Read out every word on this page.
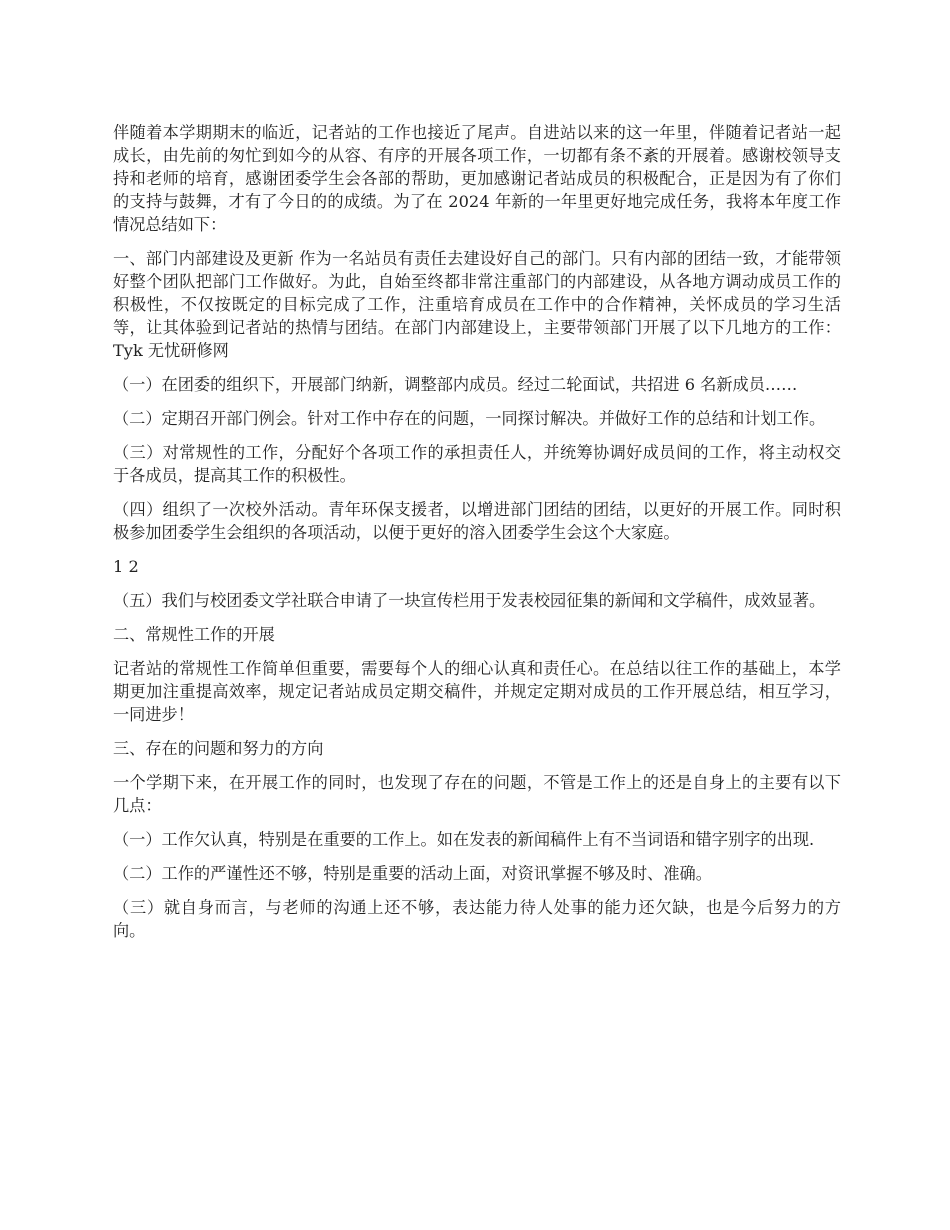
伴随着本学期期末的临近，记者站的工作也接近了尾声。自进站以来的这一年里，伴随着记者站一起成长，由先前的匆忙到如今的从容、有序的开展各项工作，一切都有条不紊的开展着。感谢校领导支持和老师的培育，感谢团委学生会各部的帮助，更加感谢记者站成员的积极配合，正是因为有了你们的支持与鼓舞，才有了今日的的成绩。为了在 2024 年新的一年里更好地完成任务，我将本年度工作情况总结如下：

一、部门内部建设及更新 作为一名站员有责任去建设好自己的部门。只有内部的团结一致，才能带领好整个团队把部门工作做好。为此，自始至终都非常注重部门的内部建设，从各地方调动成员工作的积极性，不仅按既定的目标完成了工作，注重培育成员在工作中的合作精神，关怀成员的学习生活等，让其体验到记者站的热情与团结。在部门内部建设上，主要带领部门开展了以下几地方的工作：Tyk 无忧研修网

（一）在团委的组织下，开展部门纳新，调整部内成员。经过二轮面试，共招进 6 名新成员……

（二）定期召开部门例会。针对工作中存在的问题，一同探讨解决。并做好工作的总结和计划工作。

（三）对常规性的工作，分配好个各项工作的承担责任人，并统筹协调好成员间的工作，将主动权交于各成员，提高其工作的积极性。

（四）组织了一次校外活动。青年环保支援者，以增进部门团结的团结，以更好的开展工作。同时积极参加团委学生会组织的各项活动，以便于更好的溶入团委学生会这个大家庭。

1 2

（五）我们与校团委文学社联合申请了一块宣传栏用于发表校园征集的新闻和文学稿件，成效显著。

二、常规性工作的开展

记者站的常规性工作简单但重要，需要每个人的细心认真和责任心。在总结以往工作的基础上，本学期更加注重提高效率，规定记者站成员定期交稿件，并规定定期对成员的工作开展总结，相互学习，一同进步！

三、存在的问题和努力的方向

一个学期下来，在开展工作的同时，也发现了存在的问题，不管是工作上的还是自身上的主要有以下几点：

（一）工作欠认真，特别是在重要的工作上。如在发表的新闻稿件上有不当词语和错字别字的出现.

（二）工作的严谨性还不够，特别是重要的活动上面，对资讯掌握不够及时、准确。

（三）就自身而言，与老师的沟通上还不够，表达能力待人处事的能力还欠缺，也是今后努力的方向。
